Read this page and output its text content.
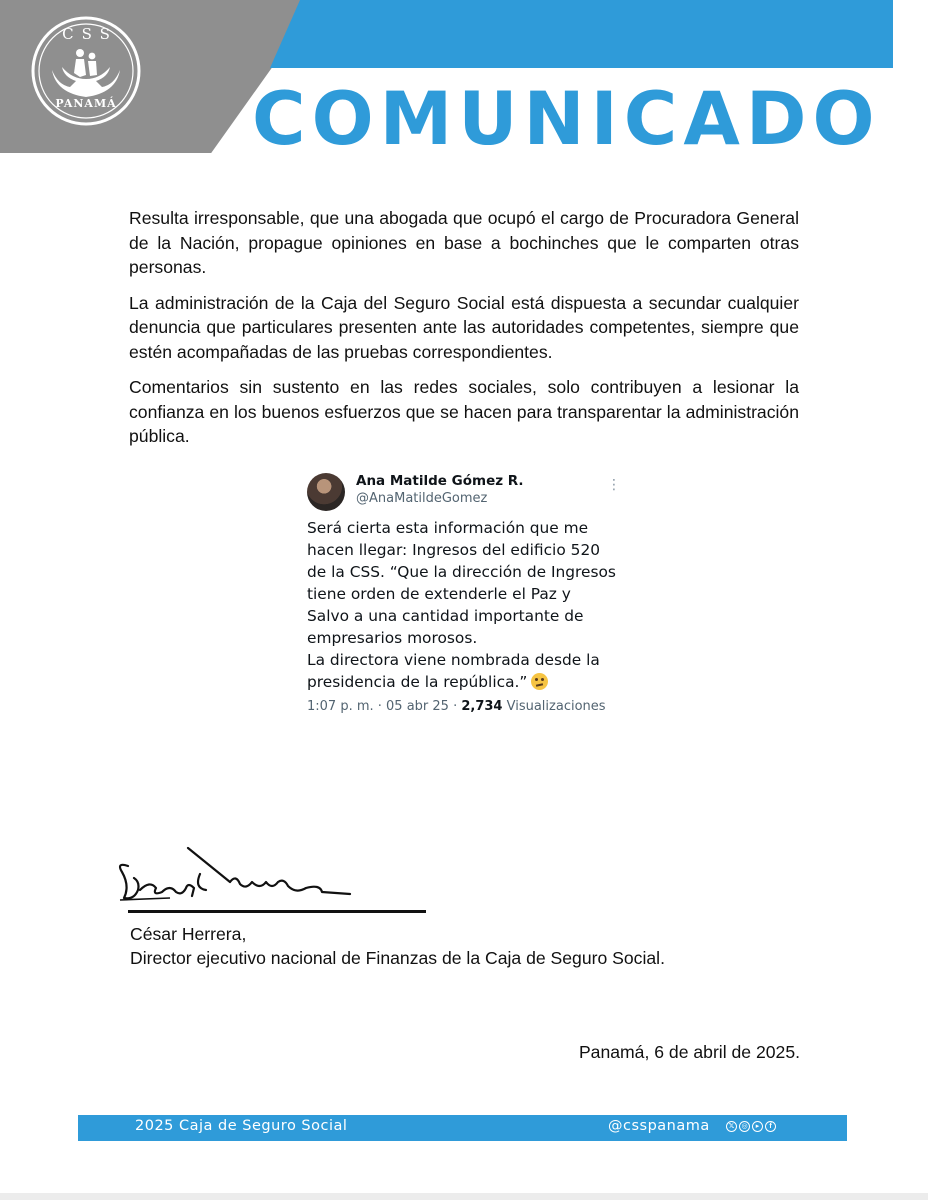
CSS
PANAMÁ	COMUNICADO

Resulta irresponsable, que una abogada que ocupó el cargo de Procuradora General de la Nación, propague opiniones en base a bochinches que le comparten otras personas.

La administración de la Caja del Seguro Social está dispuesta a secundar cualquier denuncia que particulares presenten ante las autoridades competentes, siempre que estén acompañadas de las pruebas correspondientes.

Comentarios sin sustento en las redes sociales, solo contribuyen a lesionar la confianza en los buenos esfuerzos que se hacen para transparentar la administración pública.

Ana Matilde Gómez R.
@AnaMatildeGomez
⋮
Será cierta esta información que me
hacen llegar: Ingresos del edificio 520
de la CSS. “Que la dirección de Ingresos
tiene orden de extenderle el Paz y
Salvo a una cantidad importante de
empresarios morosos.
La directora viene nombrada desde la
presidencia de la república.”
1:07 p. m. · 05 abr 25 · 2,734 Visualizaciones
César Herrera,
Director ejecutivo nacional de Finanzas de la Caja de Seguro Social.
Panamá, 6 de abril de 2025.
2025 Caja de Seguro Social	@csspanama	𝕏	◎	▸	f
